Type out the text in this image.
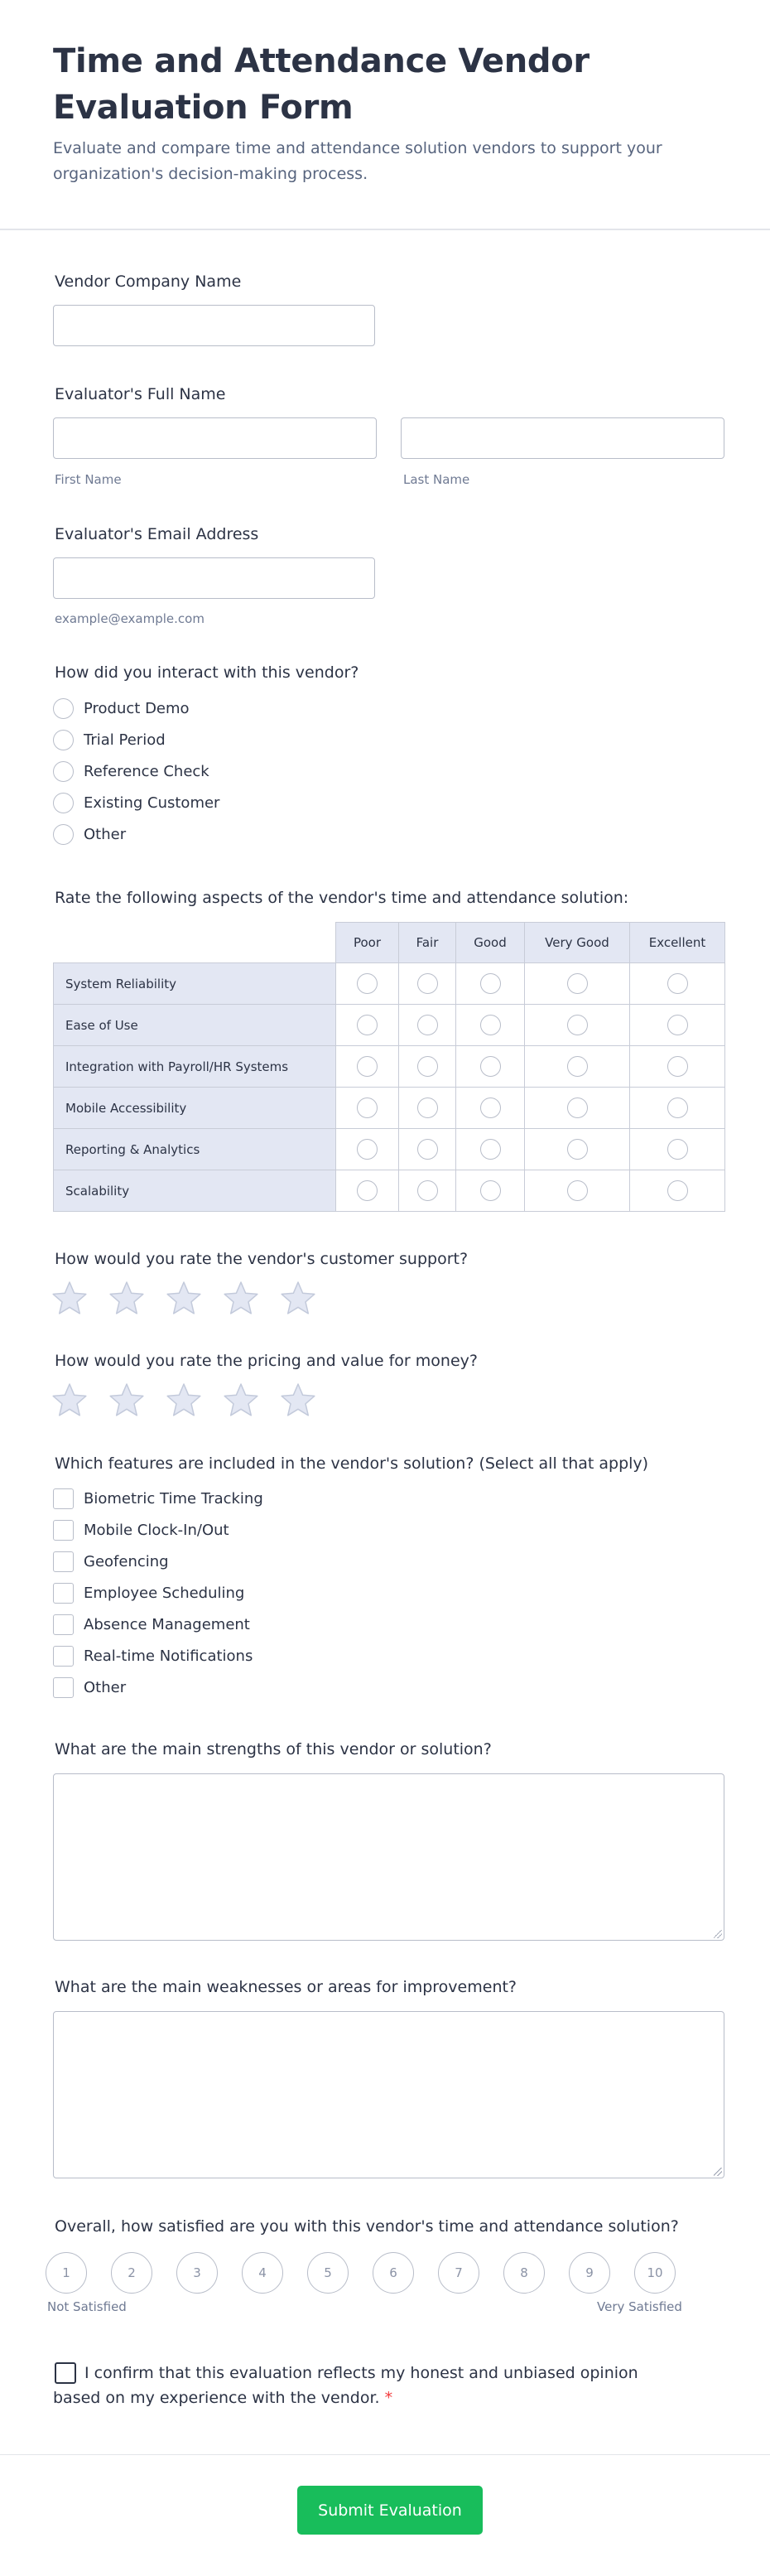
Time and Attendance Vendor Evaluation Form

Evaluate and compare time and attendance solution vendors to support your organization's decision-making process.

Vendor Company Name
Evaluator's Full Name
First Name	Last Name
Evaluator's Email Address
example@example.com
How did you interact with this vendor?
Product Demo
Trial Period
Reference Check
Existing Customer
Other
Rate the following aspects of the vendor's time and attendance solution:
	Poor	Fair	Good	Very Good	Excellent
System Reliability					
Ease of Use					
Integration with Payroll/HR Systems					
Mobile Accessibility					
Reporting & Analytics					
Scalability					
How would you rate the vendor's customer support?
How would you rate the pricing and value for money?
Which features are included in the vendor's solution? (Select all that apply)
Biometric Time Tracking
Mobile Clock-In/Out
Geofencing
Employee Scheduling
Absence Management
Real-time Notifications
Other
What are the main strengths of this vendor or solution?
What are the main weaknesses or areas for improvement?
Overall, how satisfied are you with this vendor's time and attendance solution?
1	2	3	4	5	6	7	8	9	10
Not Satisfied	Very Satisfied

I confirm that this evaluation reflects my honest and unbiased opinion based on my experience with the vendor. *

Submit Evaluation
